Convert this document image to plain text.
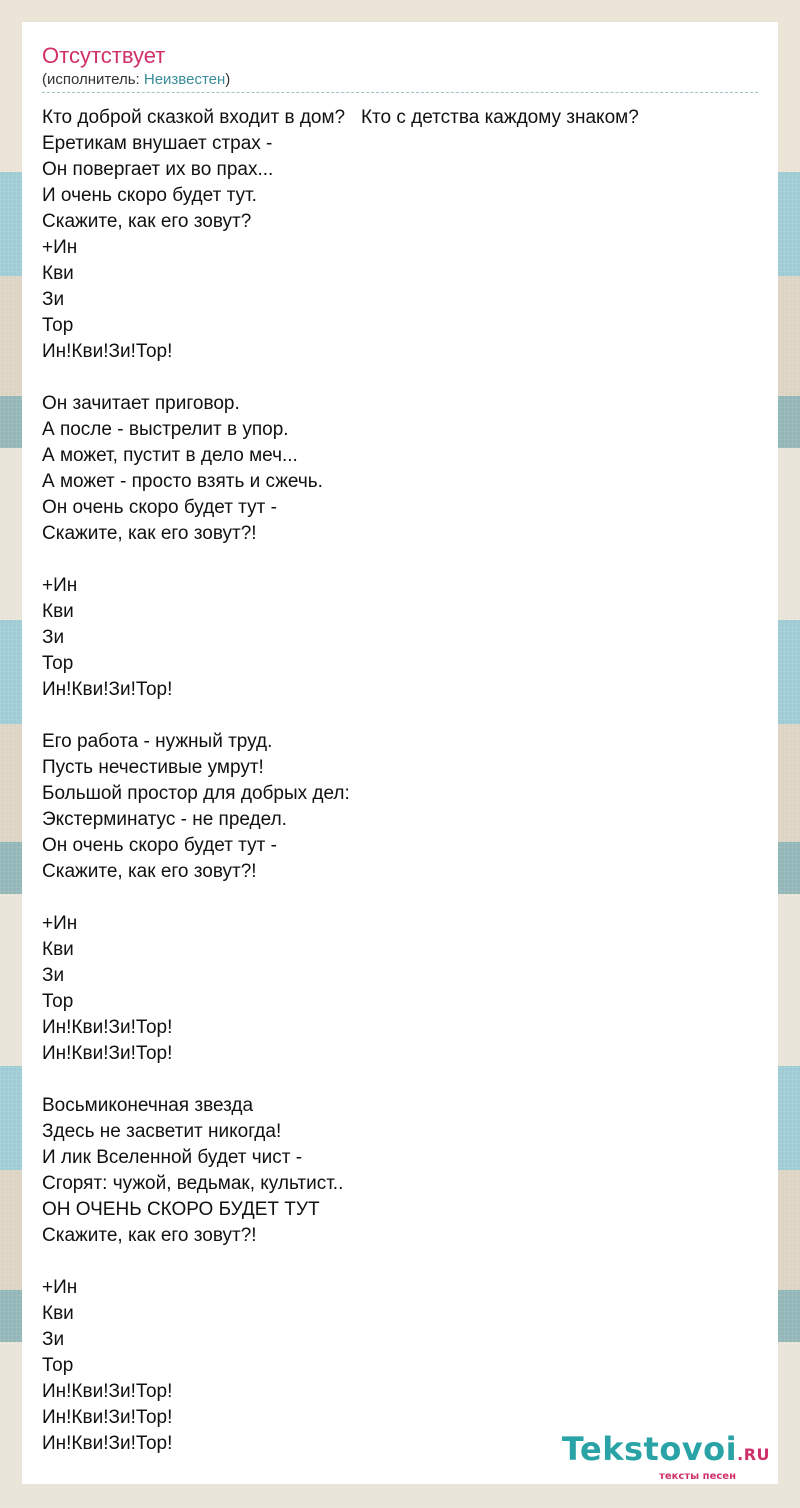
Отсутствует
(исполнитель: Неизвестен)
Кто доброй сказкой входит в дом?   Кто с детства каждому знаком?
Еретикам внушает страх -
Он повергает их во прах...
И очень скоро будет тут.
Скажите, как его зовут?
+Ин
Кви
Зи
Тор
Ин!Кви!Зи!Тор!
Он зачитает приговор.
А после - выстрелит в упор.
А может, пустит в дело меч...
А может - просто взять и сжечь.
Он очень скоро будет тут -
Скажите, как его зовут?!
+Ин
Кви
Зи
Тор
Ин!Кви!Зи!Тор!
Его работа - нужный труд.
Пусть нечестивые умрут!
Большой простор для добрых дел:
Экстерминатус - не предел.
Он очень скоро будет тут -
Скажите, как его зовут?!
+Ин
Кви
Зи
Тор
Ин!Кви!Зи!Тор!
Ин!Кви!Зи!Тор!
Восьмиконечная звезда
Здесь не засветит никогда!
И лик Вселенной будет чист -
Сгорят: чужой, ведьмак, культист..
ОН ОЧЕНЬ СКОРО БУДЕТ ТУТ
Скажите, как его зовут?!
+Ин
Кви
Зи
Тор
Ин!Кви!Зи!Тор!
Ин!Кви!Зи!Тор!
Ин!Кви!Зи!Тор!	Tekstovoi.RU
тексты песен
